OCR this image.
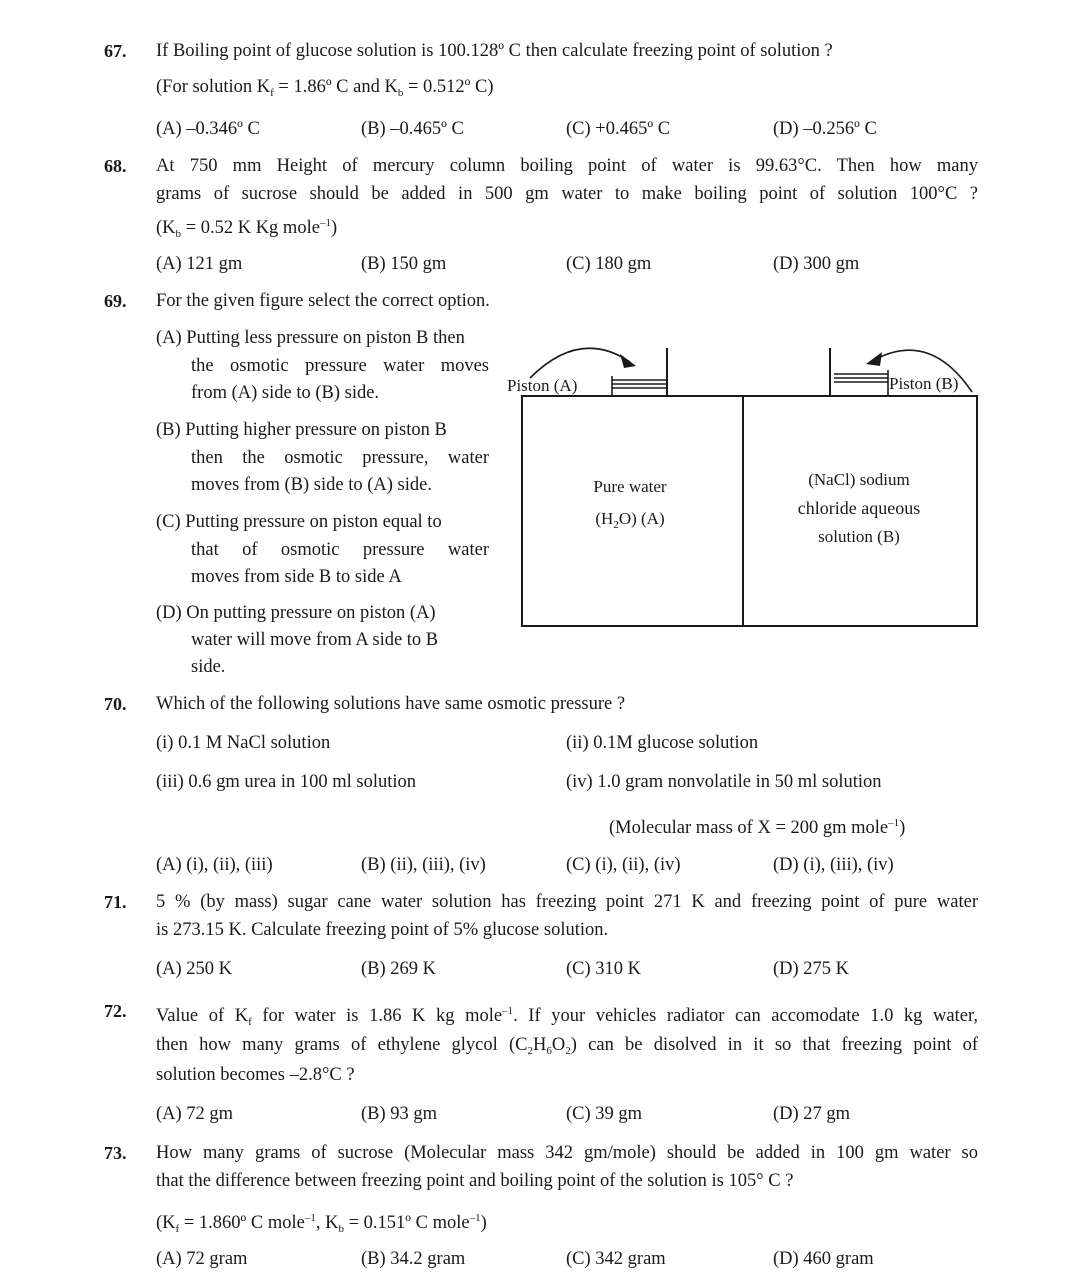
67. If Boiling point of glucose solution is 100.128º C then calculate freezing point of solution ?
(For solution $K_f$ = 1.86º C and $K_b$ = 0.512º C)
(A) –0.346º C	(B) –0.465º C	(C) +0.465º C	(D) –0.256º C
68. At 750 mm Height of mercury column boiling point of water is 99.63°C. Then how many
grams of sucrose should be added in 500 gm water to make boiling point of solution 100°C ?
($K_b = 0.52$ K Kg mole$^{-1}$)
(A) 121 gm	(B) 150 gm	(C) 180 gm	(D) 300 gm
69. For the given figure select the correct option.
(A) Putting less pressure on piston B then
the osmotic pressure water moves
from (A) side to (B) side.
(B) Putting higher pressure on piston B
then the osmotic pressure, water
moves from (B) side to (A) side.
(C) Putting pressure on piston equal to
that of osmotic pressure water
moves from side B to side A
(D) On putting pressure on piston (A)
water will move from A side to B
side.
Piston (A)	Piston (B)
Pure water
$(H_2O)$ (A)
(NaCl) sodium
chloride aqueous
solution (B)
70. Which of the following solutions have same osmotic pressure ?
(i) 0.1 M NaCl solution	(ii) 0.1M glucose solution
(iii) 0.6 gm urea in 100 ml solution	(iv) 1.0 gram nonvolatile in 50 ml solution
(Molecular mass of X = 200 gm mole$^{-1}$)
(A) (i), (ii), (iii)	(B) (ii), (iii), (iv)	(C) (i), (ii), (iv)	(D) (i), (iii), (iv)
71. 5 % (by mass) sugar cane water solution has freezing point 271 K and freezing point of pure water
is 273.15 K. Calculate freezing point of 5% glucose solution.
(A) 250 K	(B) 269 K	(C) 310 K	(D) 275 K
72. Value of $K_f$ for water is 1.86 K kg mole$^{-1}$. If your vehicles radiator can accomodate 1.0 kg water,
then how many grams of ethylene glycol $(C_2H_6O_2)$ can be disolved in it so that freezing point of
solution becomes –2.8°C ?
(A) 72 gm	(B) 93 gm	(C) 39 gm	(D) 27 gm
73. How many grams of sucrose (Molecular mass 342 gm/mole) should be added in 100 gm water so
that the difference between freezing point and boiling point of the solution is 105° C ?
($K_f$ = 1.860º C mole$^{-1}$, $K_b$ = 0.151º C mole$^{-1}$)
(A) 72 gram	(B) 34.2 gram	(C) 342 gram	(D) 460 gram
